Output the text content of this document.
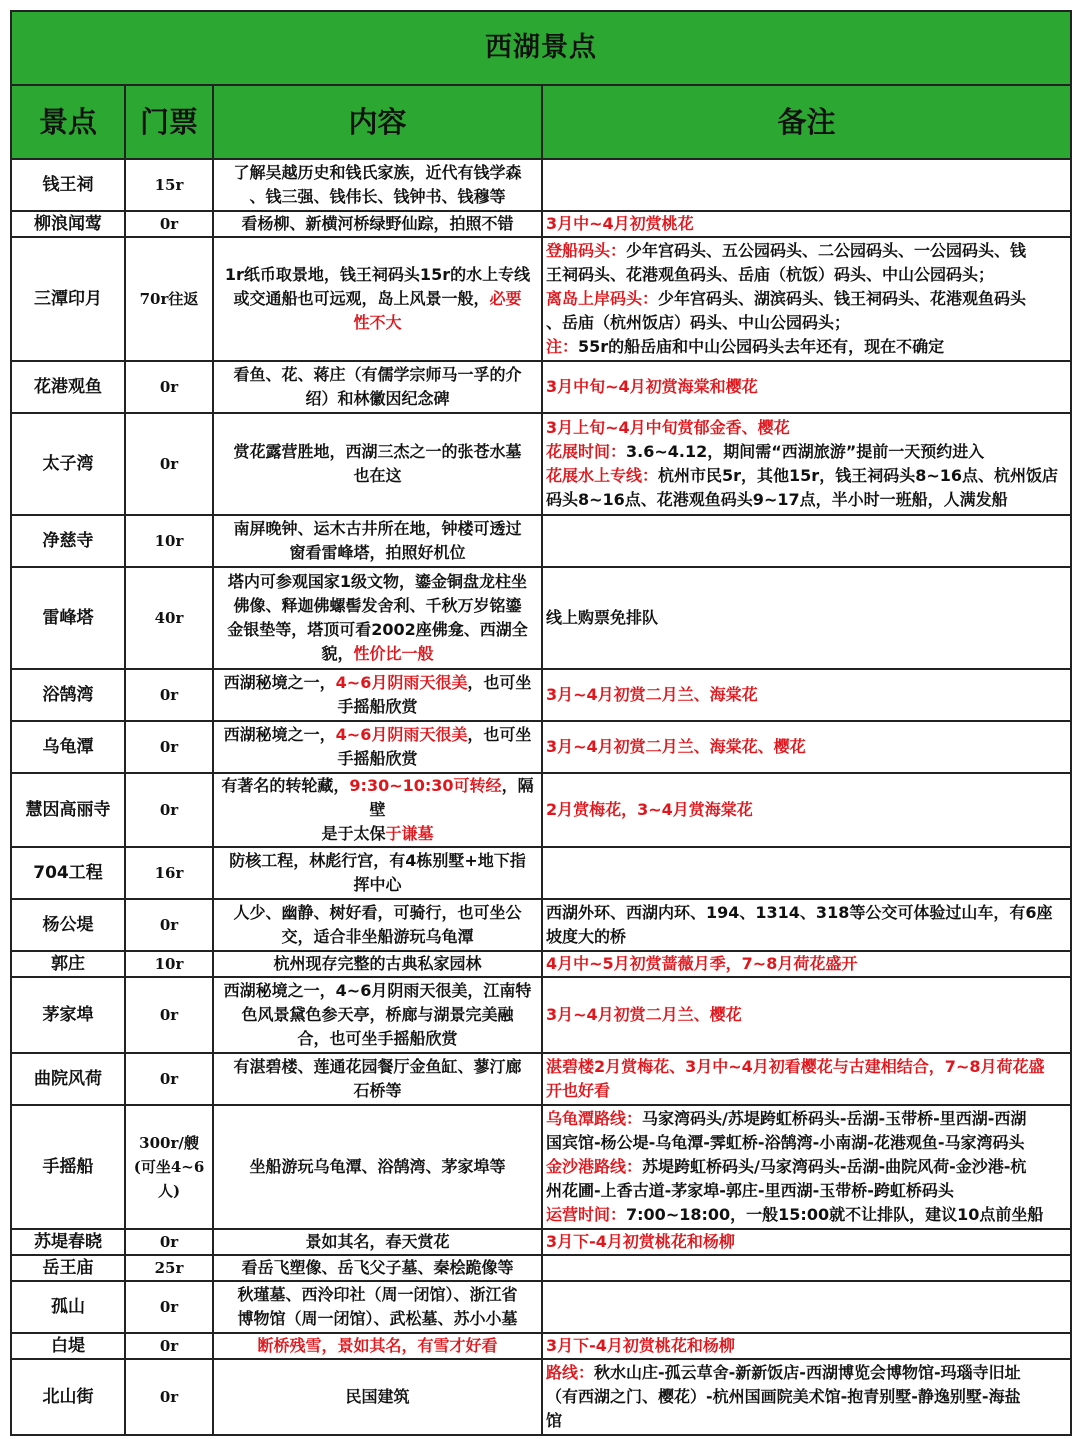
西湖景点			
景点	门票	内容	备注
钱王祠	15r	了解吴越历史和钱氏家族，近代有钱学森
、钱三强、钱伟长、钱钟书、钱穆等	

柳浪闻莺	0r	看杨柳、新横河桥绿野仙踪，拍照不错	3月中~4月初赏桃花

三潭印月	70r往返	1r纸币取景地，钱王祠码头15r的水上专线
或交通船也可远观，岛上风景一般，必要
性不大	登船码头：少年宫码头、五公园码头、二公园码头、一公园码头、钱
王祠码头、花港观鱼码头、岳庙（杭饭）码头、中山公园码头；
离岛上岸码头：少年宫码头、湖滨码头、钱王祠码头、花港观鱼码头
、岳庙（杭州饭店）码头、中山公园码头；
注：55r的船岳庙和中山公园码头去年还有，现在不确定

花港观鱼	0r	看鱼、花、蒋庄（有儒学宗师马一孚的介
绍）和林徽因纪念碑	3月中旬~4月初赏海棠和樱花

太子湾	0r	赏花露营胜地，西湖三杰之一的张苍水墓
也在这	3月上旬~4月中旬赏郁金香、樱花
花展时间：3.6~4.12，期间需“西湖旅游”提前一天预约进入
花展水上专线：杭州市民5r，其他15r，钱王祠码头8~16点、杭州饭店
码头8~16点、花港观鱼码头9~17点，半小时一班船，人满发船

净慈寺	10r	南屏晚钟、运木古井所在地，钟楼可透过
窗看雷峰塔，拍照好机位	

雷峰塔	40r	塔内可参观国家1级文物，鎏金铜盘龙柱坐
佛像、释迦佛螺髻发舍利、千秋万岁铭鎏
金银垫等，塔顶可看2002座佛龛、西湖全
貌，性价比一般	线上购票免排队

浴鹄湾	0r	西湖秘境之一，4~6月阴雨天很美，也可坐
手摇船欣赏	3月~4月初赏二月兰、海棠花

乌龟潭	0r	西湖秘境之一，4~6月阴雨天很美，也可坐
手摇船欣赏	3月~4月初赏二月兰、海棠花、樱花

慧因高丽寺	0r	有著名的转轮藏，9:30~10:30可转经，隔壁
是于太保于谦墓	2月赏梅花，3~4月赏海棠花

704工程	16r	防核工程，林彪行宫，有4栋别墅+地下指
挥中心	

杨公堤	0r	人少、幽静、树好看，可骑行，也可坐公
交，适合非坐船游玩乌龟潭	西湖外环、西湖内环、194、1314、318等公交可体验过山车，有6座
坡度大的桥

郭庄	10r	杭州现存完整的古典私家园林	4月中~5月初赏蔷薇月季，7~8月荷花盛开

茅家埠	0r	西湖秘境之一，4~6月阴雨天很美，江南特
色风景黛色参天亭，桥廊与湖景完美融
合，也可坐手摇船欣赏	3月~4月初赏二月兰、樱花

曲院风荷	0r	有湛碧楼、莲通花园餐厅金鱼缸、蓼汀廊
石桥等	湛碧楼2月赏梅花、3月中~4月初看樱花与古建相结合，7~8月荷花盛
开也好看

手摇船	300r/艘(可坐4~6人)	坐船游玩乌龟潭、浴鹄湾、茅家埠等	乌龟潭路线：马家湾码头/苏堤跨虹桥码头-岳湖-玉带桥-里西湖-西湖
国宾馆-杨公堤-乌龟潭-霁虹桥-浴鹄湾-小南湖-花港观鱼-马家湾码头
金沙港路线：苏堤跨虹桥码头/马家湾码头-岳湖-曲院风荷-金沙港-杭
州花圃-上香古道-茅家埠-郭庄-里西湖-玉带桥-跨虹桥码头
运营时间：7:00~18:00，一般15:00就不让排队，建议10点前坐船

苏堤春晓	0r	景如其名，春天赏花	3月下-4月初赏桃花和杨柳

岳王庙	25r	看岳飞塑像、岳飞父子墓、秦桧跪像等	

孤山	0r	秋瑾墓、西泠印社（周一闭馆）、浙江省
博物馆（周一闭馆）、武松墓、苏小小墓	

白堤	0r	断桥残雪，景如其名，有雪才好看	3月下-4月初赏桃花和杨柳

北山街	0r	民国建筑	路线：秋水山庄-孤云草舍-新新饭店-西湖博览会博物馆-玛瑙寺旧址
（有西湖之门、樱花）-杭州国画院美术馆-抱青别墅-静逸别墅-海盐
馆
